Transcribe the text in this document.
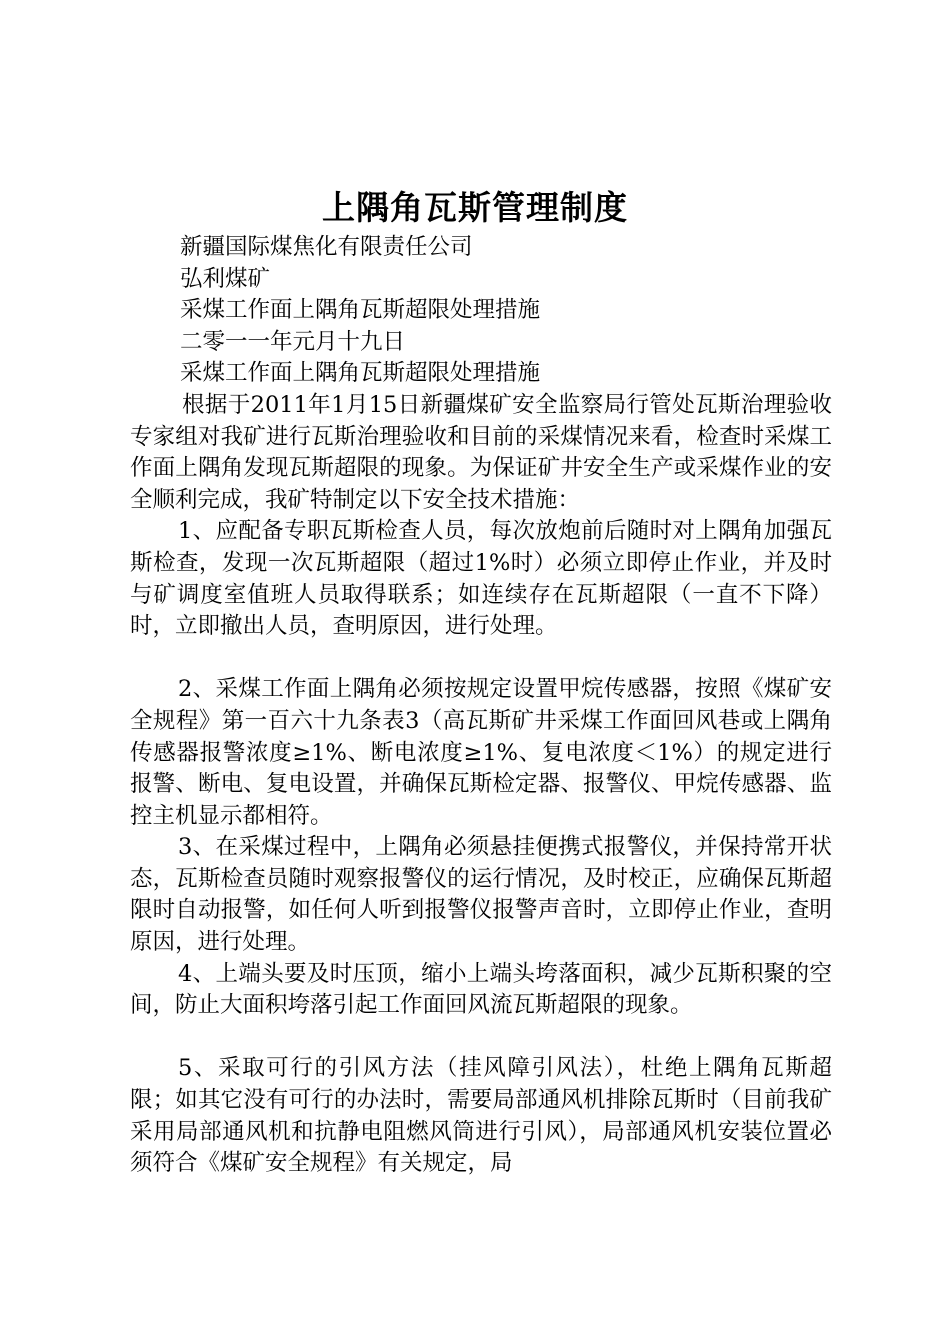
上隅角瓦斯管理制度

新疆国际煤焦化有限责任公司

弘利煤矿

采煤工作面上隅角瓦斯超限处理措施

二零一一年元月十九日

采煤工作面上隅角瓦斯超限处理措施

根据于2011年1月15日新疆煤矿安全监察局行管处瓦斯治理验收专家组对我矿进行瓦斯治理验收和目前的采煤情况来看，检查时采煤工作面上隅角发现瓦斯超限的现象。为保证矿井安全生产或采煤作业的安全顺利完成，我矿特制定以下安全技术措施：

1、应配备专职瓦斯检查人员，每次放炮前后随时对上隅角加强瓦斯检查，发现一次瓦斯超限（超过1%时）必须立即停止作业，并及时与矿调度室值班人员取得联系；如连续存在瓦斯超限（一直不下降）时，立即撤出人员，查明原因，进行处理。

2、采煤工作面上隅角必须按规定设置甲烷传感器，按照《煤矿安全规程》第一百六十九条表3（高瓦斯矿井采煤工作面回风巷或上隅角传感器报警浓度≥1%、断电浓度≥1%、复电浓度＜1%）的规定进行报警、断电、复电设置，并确保瓦斯检定器、报警仪、甲烷传感器、监控主机显示都相符。

3、在采煤过程中，上隅角必须悬挂便携式报警仪，并保持常开状态，瓦斯检查员随时观察报警仪的运行情况，及时校正，应确保瓦斯超限时自动报警，如任何人听到报警仪报警声音时，立即停止作业，查明原因，进行处理。

4、上端头要及时压顶，缩小上端头垮落面积，减少瓦斯积聚的空间，防止大面积垮落引起工作面回风流瓦斯超限的现象。

5、采取可行的引风方法（挂风障引风法），杜绝上隅角瓦斯超限；如其它没有可行的办法时，需要局部通风机排除瓦斯时（目前我矿采用局部通风机和抗静电阻燃风筒进行引风），局部通风机安装位置必须符合《煤矿安全规程》有关规定，局
